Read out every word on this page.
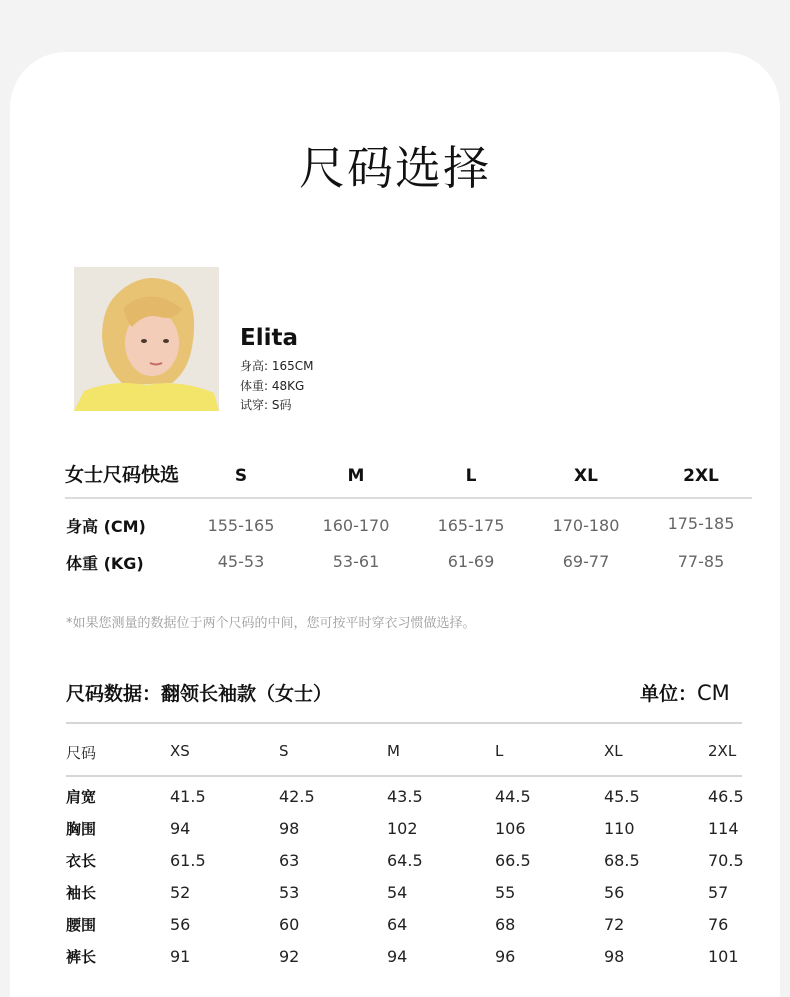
尺码选择
Elita
身高: 165CM
体重: 48KG
试穿: S码
女士尺码快选	S	M	L	XL	2XL
身高 (CM)	155-165	160-170	165-175	170-180	175-185
体重 (KG)	45-53	53-61	61-69	69-77	77-85
*如果您测量的数据位于两个尺码的中间，您可按平时穿衣习惯做选择。
尺码数据：翻领长袖款（女士）	单位：CM
尺码	XS	S	M	L	XL	2XL
肩宽	41.5	42.5	43.5	44.5	45.5	46.5
胸围	94	98	102	106	110	114
衣长	61.5	63	64.5	66.5	68.5	70.5
袖长	52	53	54	55	56	57
腰围	56	60	64	68	72	76
裤长	91	92	94	96	98	101
